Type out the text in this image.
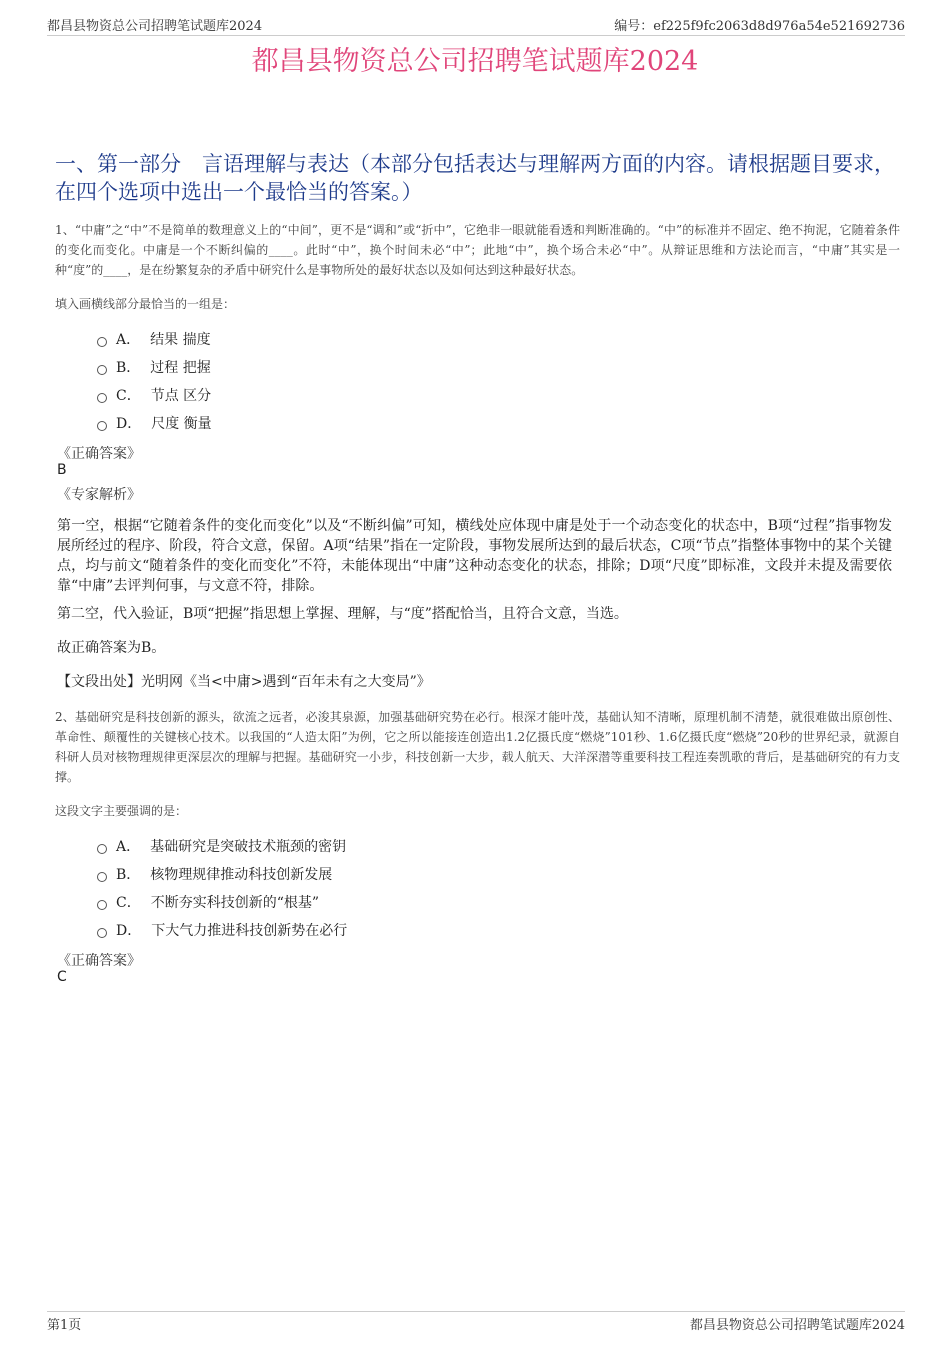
都昌县物资总公司招聘笔试题库2024	编号：ef225f9fc2063d8d976a54e521692736
都昌县物资总公司招聘笔试题库2024
一、第一部分　言语理解与表达（本部分包括表达与理解两方面的内容。请根据题目要求，在四个选项中选出一个最恰当的答案。）
1、“中庸”之“中”不是简单的数理意义上的“中间”，更不是“调和”或“折中”，它绝非一眼就能看透和判断准确的。“中”的标准并不固定、绝不拘泥，它随着条件的变化而变化。中庸是一个不断纠偏的____。此时“中”，换个时间未必“中”；此地“中”，换个场合未必“中”。从辩证思维和方法论而言，“中庸”其实是一种“度”的____，是在纷繁复杂的矛盾中研究什么是事物所处的最好状态以及如何达到这种最好状态。
填入画横线部分最恰当的一组是：
A． 结果 揣度
B． 过程 把握
C． 节点 区分
D． 尺度 衡量
《正确答案》
B
《专家解析》
第一空，根据“它随着条件的变化而变化”以及“不断纠偏”可知，横线处应体现中庸是处于一个动态变化的状态中，B项“过程”指事物发展所经过的程序、阶段，符合文意，保留。A项“结果”指在一定阶段，事物发展所达到的最后状态，C项“节点”指整体事物中的某个关键点，均与前文“随着条件的变化而变化”不符，未能体现出“中庸”这种动态变化的状态，排除；D项“尺度”即标准，文段并未提及需要依靠“中庸”去评判何事，与文意不符，排除。
第二空，代入验证，B项“把握”指思想上掌握、理解，与“度”搭配恰当，且符合文意，当选。
故正确答案为B。
【文段出处】光明网《当<中庸>遇到“百年未有之大变局”》
2、基础研究是科技创新的源头，欲流之远者，必浚其泉源，加强基础研究势在必行。根深才能叶茂，基础认知不清晰，原理机制不清楚，就很难做出原创性、革命性、颠覆性的关键核心技术。以我国的“人造太阳”为例，它之所以能接连创造出1.2亿摄氏度“燃烧”101秒、1.6亿摄氏度“燃烧”20秒的世界纪录，就源自科研人员对核物理规律更深层次的理解与把握。基础研究一小步，科技创新一大步，载人航天、大洋深潜等重要科技工程连奏凯歌的背后，是基础研究的有力支撑。
这段文字主要强调的是：
A． 基础研究是突破技术瓶颈的密钥
B． 核物理规律推动科技创新发展
C． 不断夯实科技创新的“根基”
D． 下大气力推进科技创新势在必行
《正确答案》
C
第1页	都昌县物资总公司招聘笔试题库2024
